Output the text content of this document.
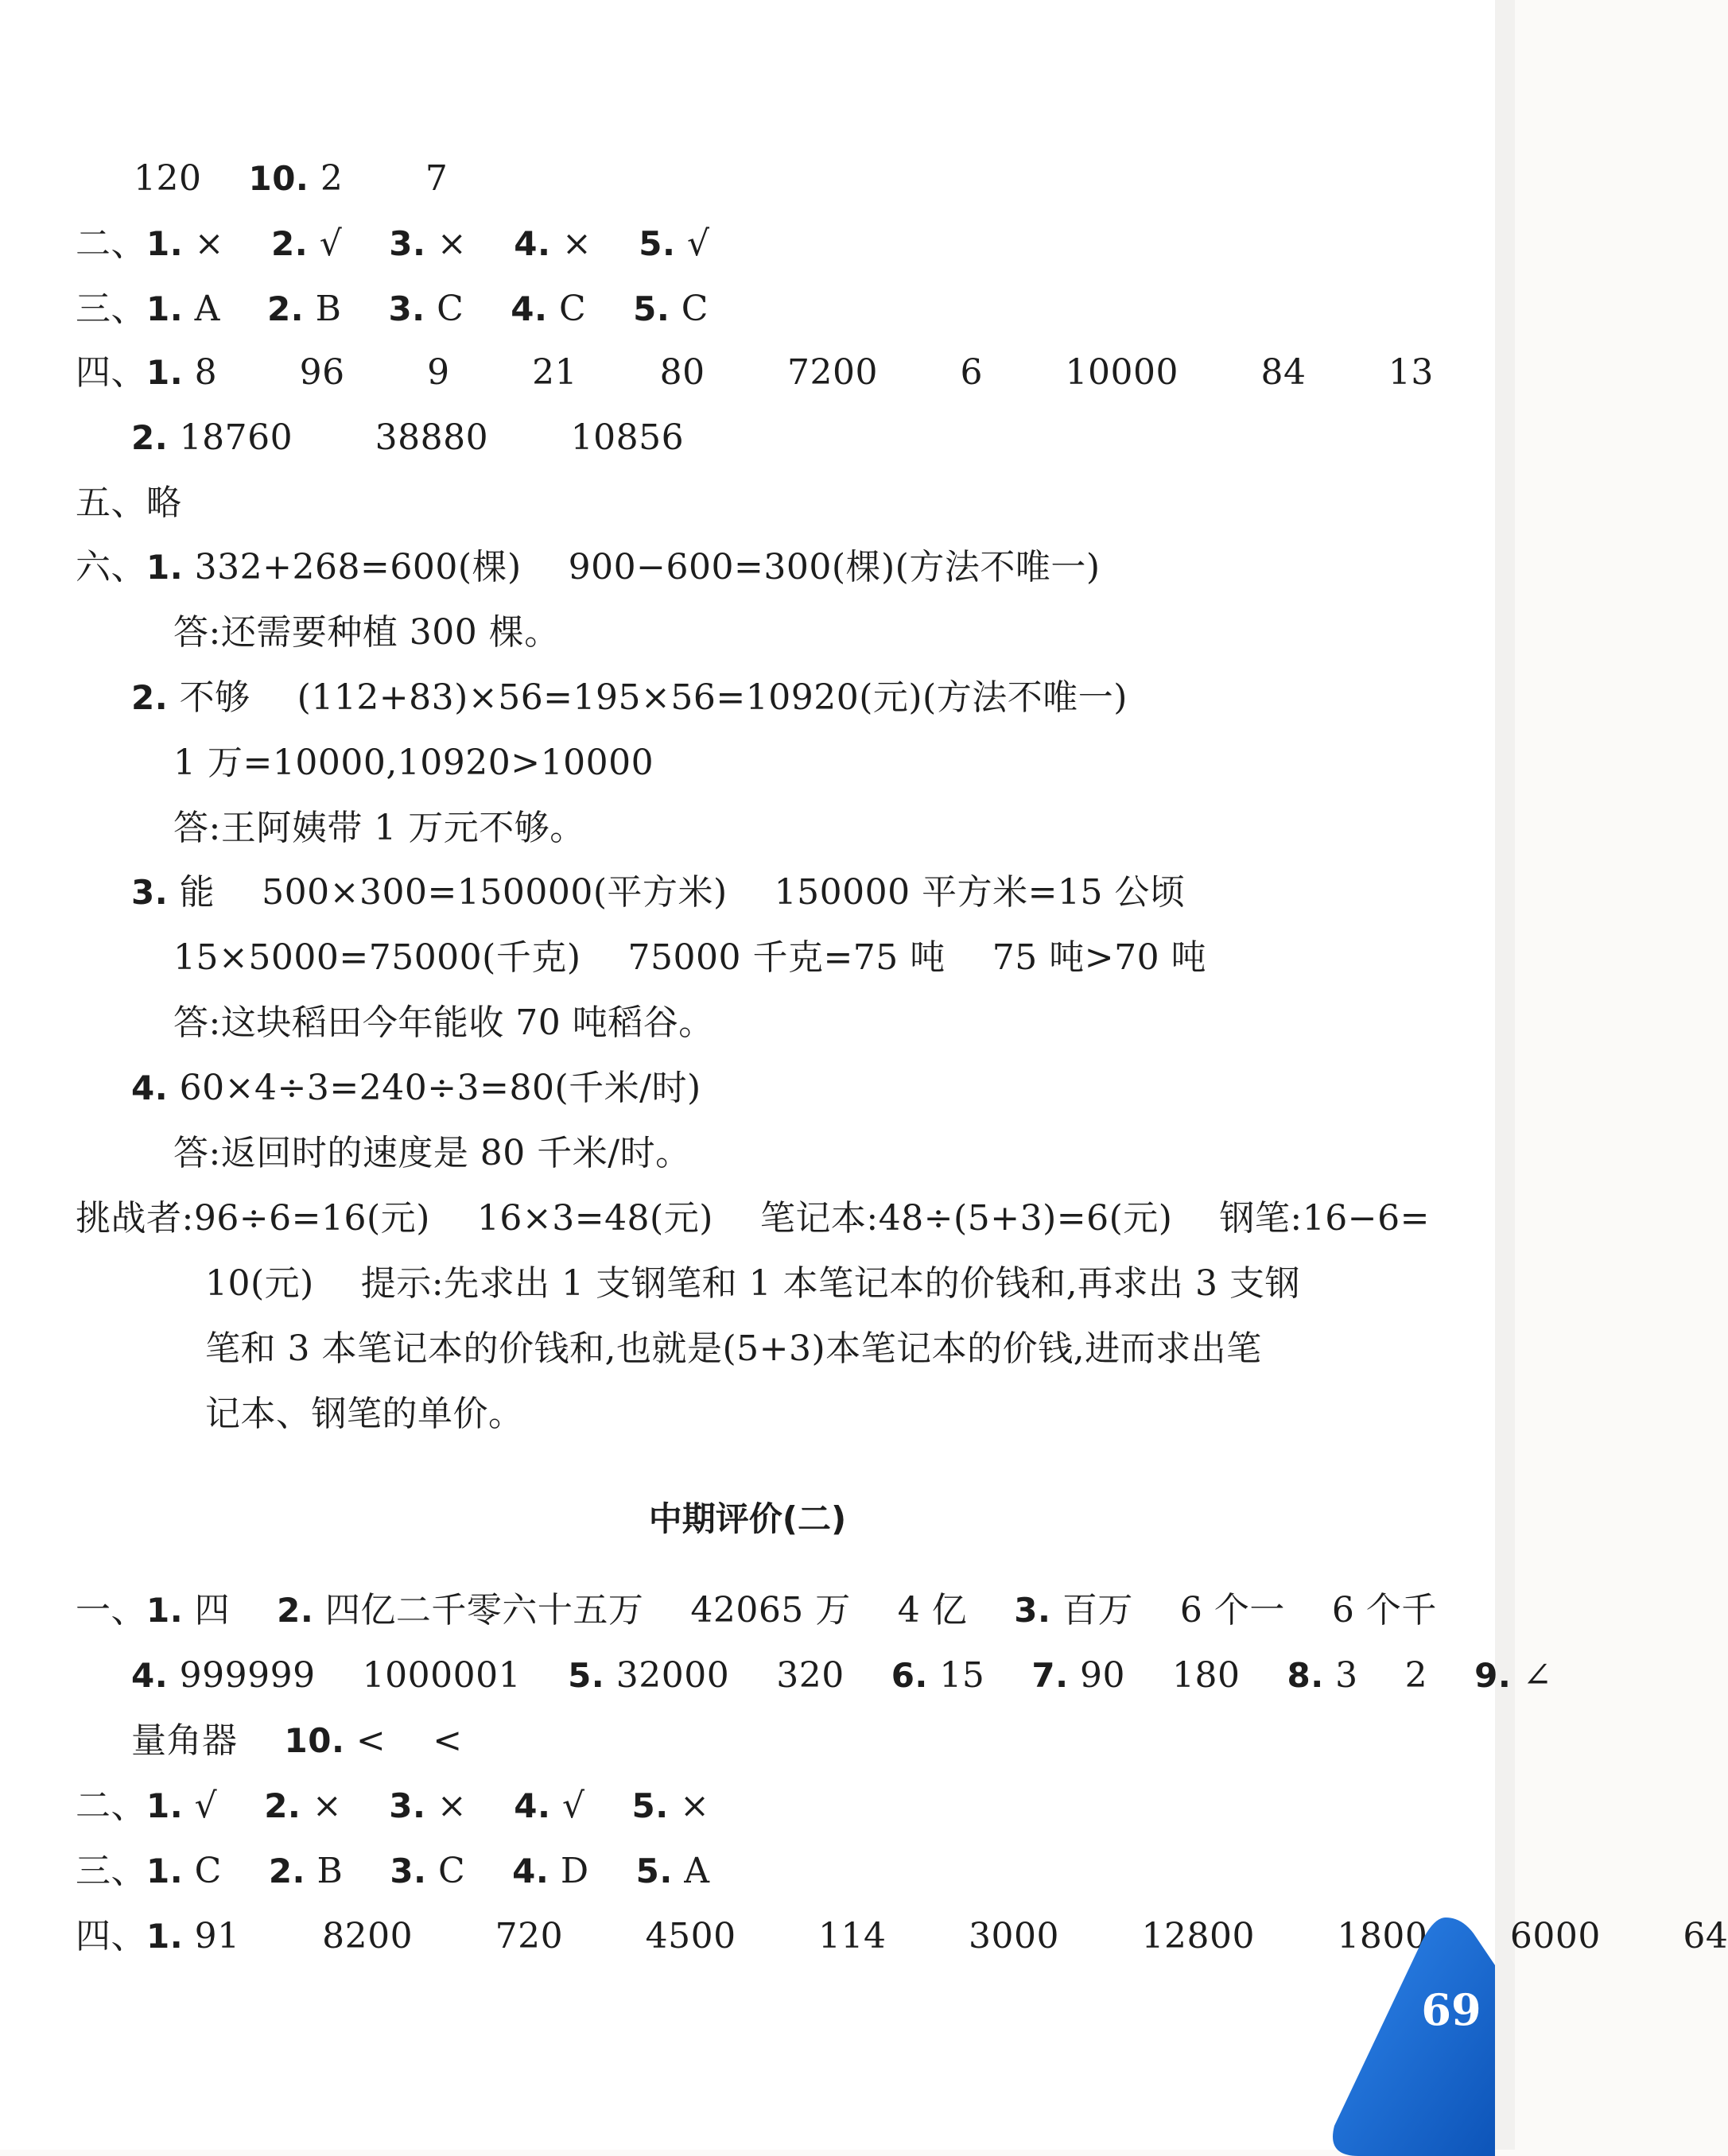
120  10. 2   7
二、1. ×  2. √  3. ×  4. ×  5. √
三、1. A  2. B  3. C  4. C  5. C
四、1. 8   96   9   21   80   7200   6   10000   84   13
2. 18760   38880   10856
五、略
六、1. 332+268=600(棵)  900−600=300(棵)(方法不唯一)
答:还需要种植 300 棵。
2. 不够  (112+83)×56=195×56=10920(元)(方法不唯一)
1 万=10000,10920>10000
答:王阿姨带 1 万元不够。
3. 能  500×300=150000(平方米)  150000 平方米=15 公顷
15×5000=75000(千克)  75000 千克=75 吨  75 吨>70 吨
答:这块稻田今年能收 70 吨稻谷。
4. 60×4÷3=240÷3=80(千米/时)
答:返回时的速度是 80 千米/时。
挑战者:96÷6=16(元)  16×3=48(元)  笔记本:48÷(5+3)=6(元)  钢笔:16−6=
10(元)  提示:先求出 1 支钢笔和 1 本笔记本的价钱和,再求出 3 支钢
笔和 3 本笔记本的价钱和,也就是(5+3)本笔记本的价钱,进而求出笔
记本、钢笔的单价。
中期评价(二)
一、1. 四  2. 四亿二千零六十五万  42065 万  4 亿  3. 百万  6 个一  6 个千
4. 999999  1000001  5. 32000  320  6. 15  7. 90  180  8. 3  2  9. ∠
量角器  10. <  <
二、1. √  2. ×  3. ×  4. √  5. ×
三、1. C  2. B  3. C  4. D  5. A
四、1. 91   8200   720   4500   114   3000   12800   1800   6000   64
69
